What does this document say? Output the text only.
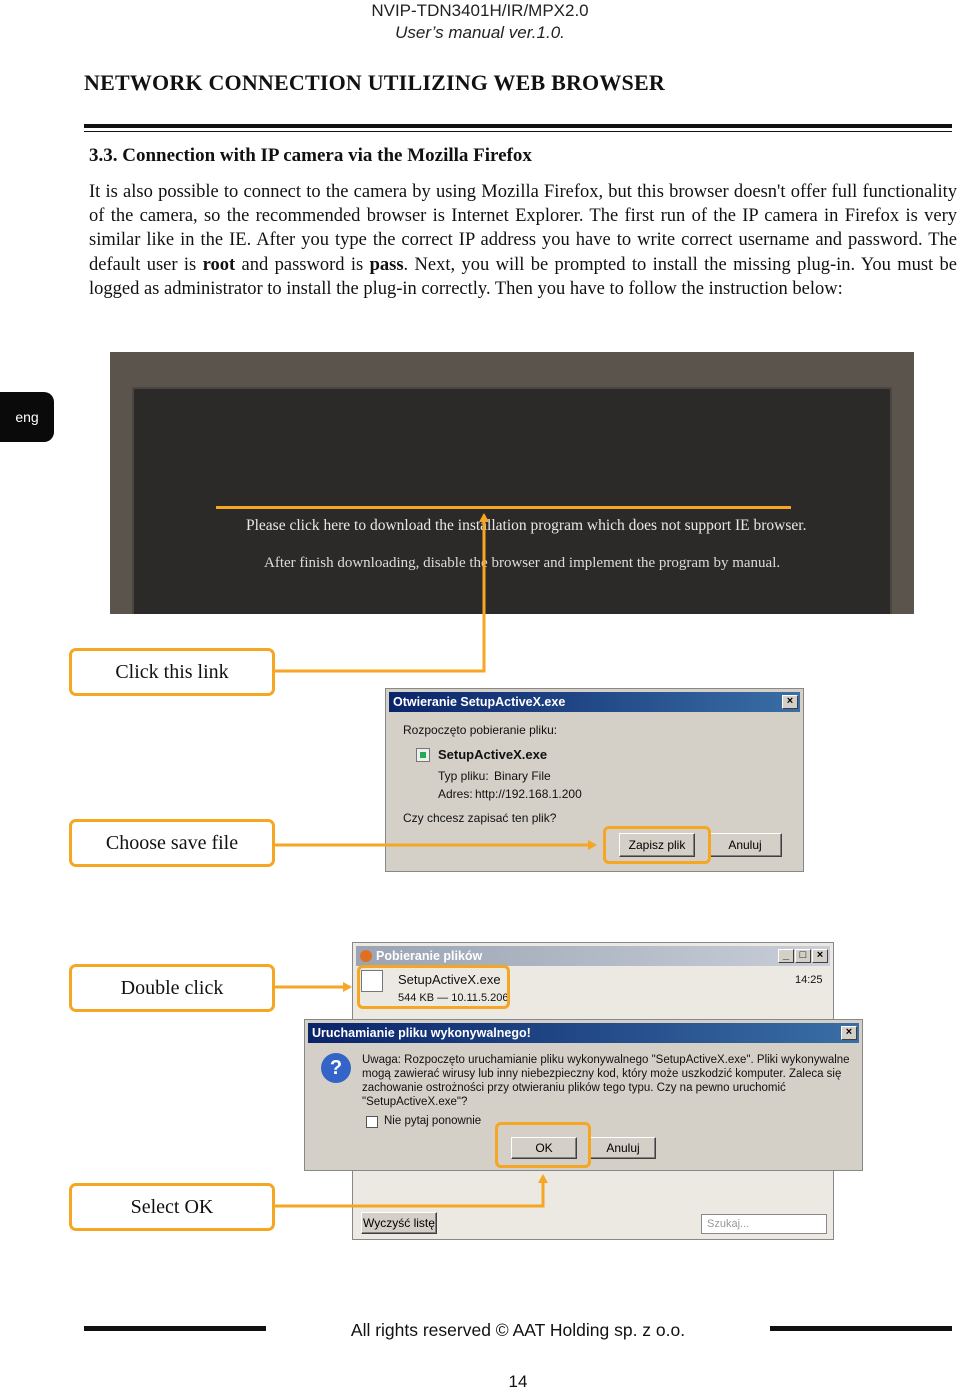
NVIP-TDN3401H/IR/MPX2.0
User’s manual ver.1.0.
NETWORK CONNECTION UTILIZING WEB BROWSER
3.3. Connection with IP camera via the Mozilla Firefox

It is also possible to connect to the camera by using Mozilla Firefox, but this browser doesn't offer full functionality of the camera, so the recommended browser is Internet Explorer. The first run of the IP camera in Firefox is very similar like in the IE. After you type the correct IP address you have to write correct username and password. The default user is root and password is pass. Next, you will be prompted to install the missing plug-in. You must be logged as administrator to install the plug-in correctly. Then you have to follow the instruction below:

eng
Please click here to download the installation program which does not support IE browser.
After finish downloading, disable the browser and implement the program by manual.
Otwieranie SetupActiveX.exe	×
Rozpoczęto pobieranie pliku:
SetupActiveX.exe
Typ pliku: Binary File
Adres: http://192.168.1.200
Czy chcesz zapisać ten plik?
Zapisz plik	Anuluj
Pobieranie plików	_ □ ×
SetupActiveX.exe
544 KB — 10.11.5.206
14:25
Wyczyść listę	Szukaj...
Uruchamianie pliku wykonywalnego!	×
?	Uwaga: Rozpoczęto uruchamianie pliku wykonywalnego "SetupActiveX.exe". Pliki wykonywalne
mogą zawierać wirusy lub inny niebezpieczny kod, który może uszkodzić komputer. Zaleca się
zachowanie ostrożności przy otwieraniu plików tego typu. Czy na pewno uruchomić
"SetupActiveX.exe"?
Nie pytaj ponownie
OK	Anuluj
Click this link
Choose save file
Double click
Select OK
All rights reserved © AAT Holding sp. z o.o.
14
